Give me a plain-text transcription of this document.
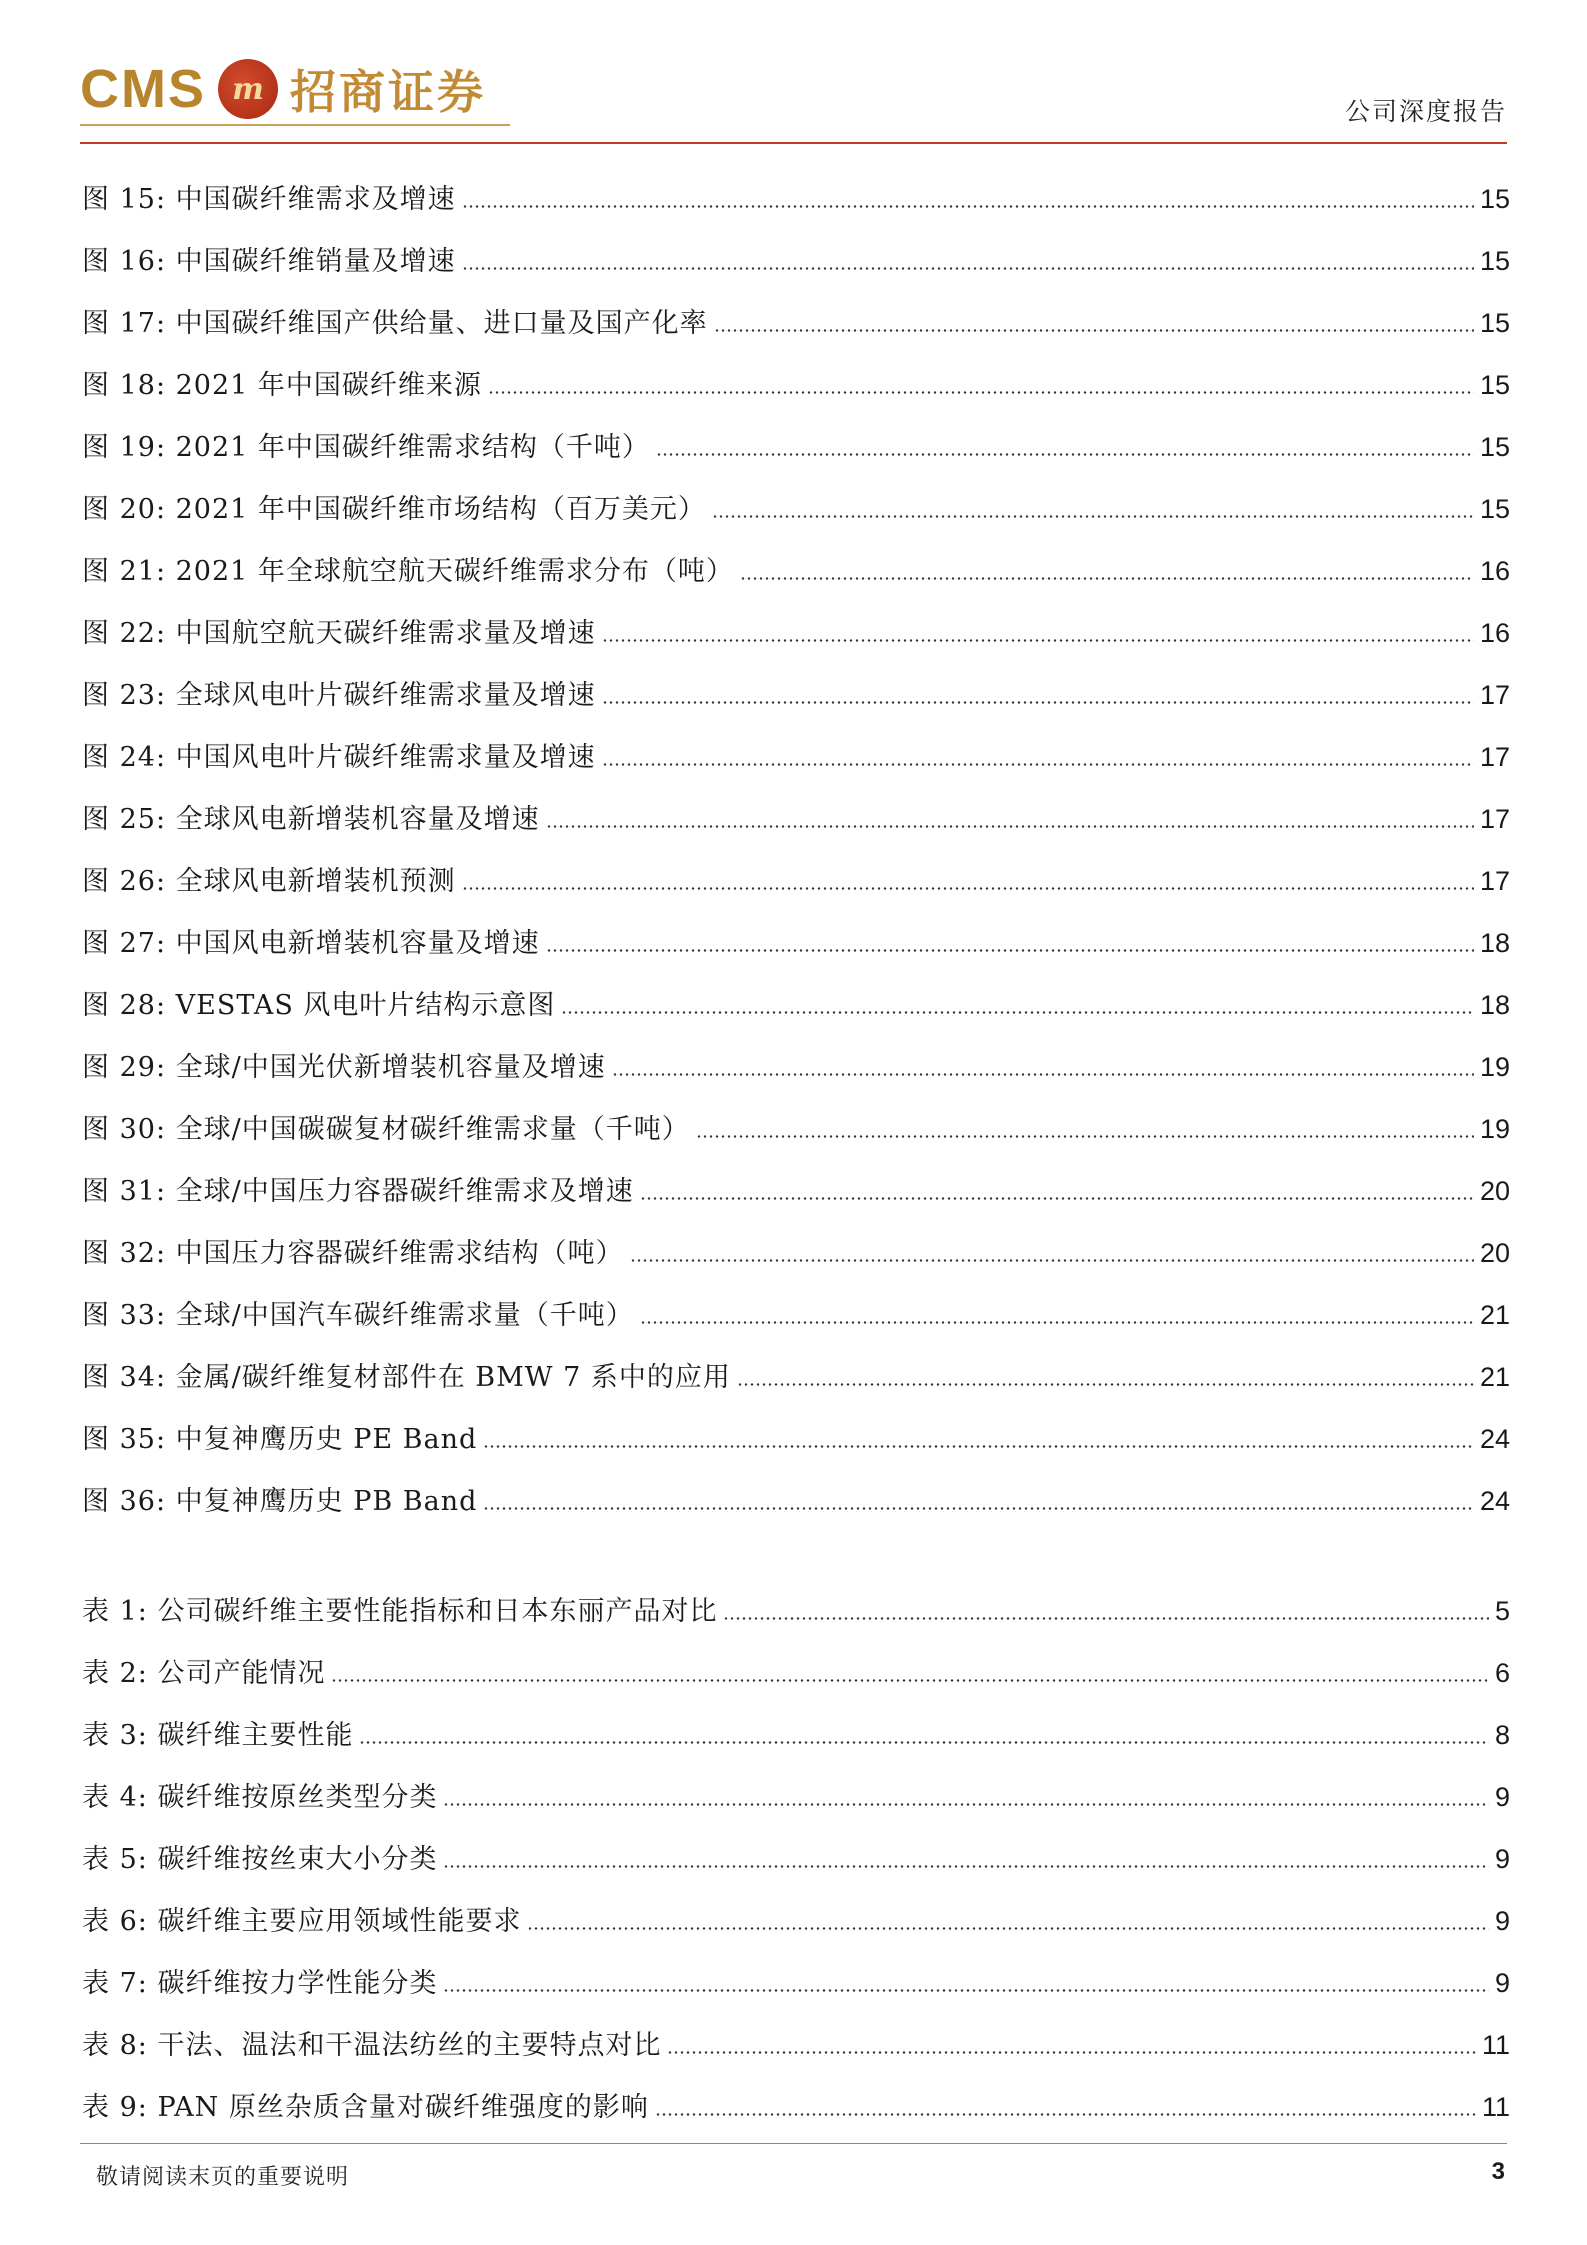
CMS m 招商证券	公司深度报告
图 15: 中国碳纤维需求及增速	15
图 16: 中国碳纤维销量及增速	15
图 17: 中国碳纤维国产供给量、进口量及国产化率	15
图 18: 2021 年中国碳纤维来源	15
图 19: 2021 年中国碳纤维需求结构（千吨）	15
图 20: 2021 年中国碳纤维市场结构（百万美元）	15
图 21: 2021 年全球航空航天碳纤维需求分布（吨）	16
图 22: 中国航空航天碳纤维需求量及增速	16
图 23: 全球风电叶片碳纤维需求量及增速	17
图 24: 中国风电叶片碳纤维需求量及增速	17
图 25: 全球风电新增装机容量及增速	17
图 26: 全球风电新增装机预测	17
图 27: 中国风电新增装机容量及增速	18
图 28: VESTAS 风电叶片结构示意图	18
图 29: 全球/中国光伏新增装机容量及增速	19
图 30: 全球/中国碳碳复材碳纤维需求量（千吨）	19
图 31: 全球/中国压力容器碳纤维需求及增速	20
图 32: 中国压力容器碳纤维需求结构（吨）	20
图 33: 全球/中国汽车碳纤维需求量（千吨）	21
图 34: 金属/碳纤维复材部件在 BMW 7 系中的应用	21
图 35: 中复神鹰历史 PE Band	24
图 36: 中复神鹰历史 PB Band	24
表 1: 公司碳纤维主要性能指标和日本东丽产品对比	5
表 2: 公司产能情况	6
表 3: 碳纤维主要性能	8
表 4: 碳纤维按原丝类型分类	9
表 5: 碳纤维按丝束大小分类	9
表 6: 碳纤维主要应用领域性能要求	9
表 7: 碳纤维按力学性能分类	9
表 8: 干法、温法和干温法纺丝的主要特点对比	11
表 9: PAN 原丝杂质含量对碳纤维强度的影响	11
敬请阅读末页的重要说明	3
